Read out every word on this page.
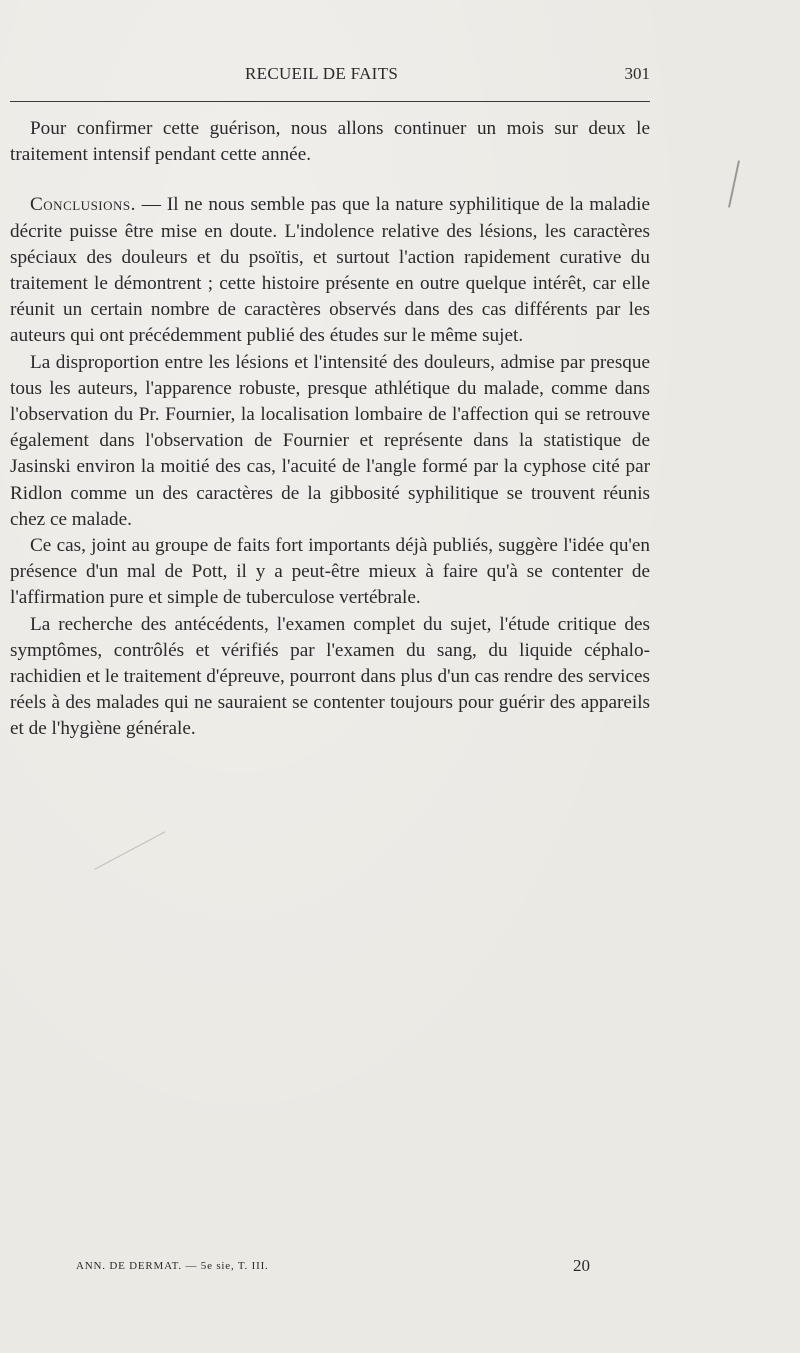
RECUEIL DE FAITS	301

Pour confirmer cette guérison, nous allons continuer un mois sur deux le traitement intensif pendant cette année.

Conclusions. — Il ne nous semble pas que la nature syphilitique de la maladie décrite puisse être mise en doute. L'indolence relative des lésions, les caractères spéciaux des douleurs et du psoïtis, et surtout l'action rapidement curative du traitement le démontrent ; cette histoire présente en outre quelque intérêt, car elle réunit un certain nombre de caractères observés dans des cas différents par les auteurs qui ont précédemment publié des études sur le même sujet.

La disproportion entre les lésions et l'intensité des douleurs, admise par presque tous les auteurs, l'apparence robuste, presque athlétique du malade, comme dans l'observation du Pr. Fournier, la localisation lombaire de l'affection qui se retrouve également dans l'observation de Fournier et représente dans la statistique de Jasinski environ la moitié des cas, l'acuité de l'angle formé par la cyphose cité par Ridlon comme un des caractères de la gibbosité syphilitique se trouvent réunis chez ce malade.

Ce cas, joint au groupe de faits fort importants déjà publiés, suggère l'idée qu'en présence d'un mal de Pott, il y a peut-être mieux à faire qu'à se contenter de l'affirmation pure et simple de tuberculose vertébrale.

La recherche des antécédents, l'examen complet du sujet, l'étude critique des symptômes, contrôlés et vérifiés par l'examen du sang, du liquide céphalo-rachidien et le traitement d'épreuve, pourront dans plus d'un cas rendre des services réels à des malades qui ne sauraient se contenter toujours pour guérir des appareils et de l'hygiène générale.

ANN. DE DERMAT. — 5e sie, T. III.	20
